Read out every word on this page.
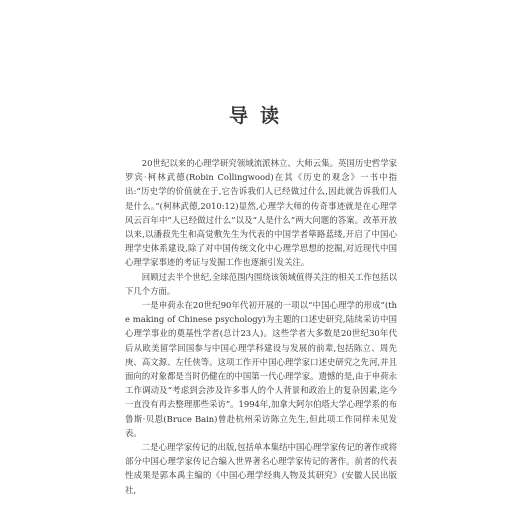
导读

20世纪以来的心理学研究领域流派林立、大师云集。英国历史哲学家罗宾·柯林武德(Robin Collingwood)在其《历史的观念》一书中指出:“历史学的价值就在于,它告诉我们人已经做过什么,因此就告诉我们人是什么。”(柯林武德,2010:12)显然,心理学大师的传奇事迹就是在心理学风云百年中“人已经做过什么”以及“人是什么”两大问题的答案。改革开放以来,以潘菽先生和高觉敷先生为代表的中国学者筚路蓝缕,开启了中国心理学史体系建设,除了对中国传统文化中心理学思想的挖掘,对近现代中国心理学家事迹的考证与发掘工作也逐渐引发关注。

回顾过去半个世纪,全球范围内围绕该领域值得关注的相关工作包括以下几个方面。

一是申荷永在20世纪90年代初开展的一项以“中国心理学的形成”(the making of Chinese psychology)为主题的口述史研究,陆续采访中国心理学事业的奠基性学者(总计23人)。这些学者大多数是20世纪30年代后从欧美留学回国参与中国心理学科建设与发展的前辈,包括陈立、周先庚、高文源、左任侠等。这项工作开中国心理学家口述史研究之先河,并且面向的对象都是当时仍健在的中国第一代心理学家。遗憾的是,由于申荷永工作调动及“考虑到会涉及许多事人的个人背景和政治上的复杂因素,迄今一直没有再去整理那些采访”。1994年,加拿大阿尔伯塔大学心理学系的布鲁斯·贝恩(Bruce Bain)曾赴杭州采访陈立先生,但此项工作同样未见发表。

二是心理学家传记的出版,包括单本集结中国心理学家传记的著作或将部分中国心理学家传记合编入世界著名心理学家传记的著作。前者的代表性成果是郭本禹主编的《中国心理学经典人物及其研究》(安徽人民出版社,
